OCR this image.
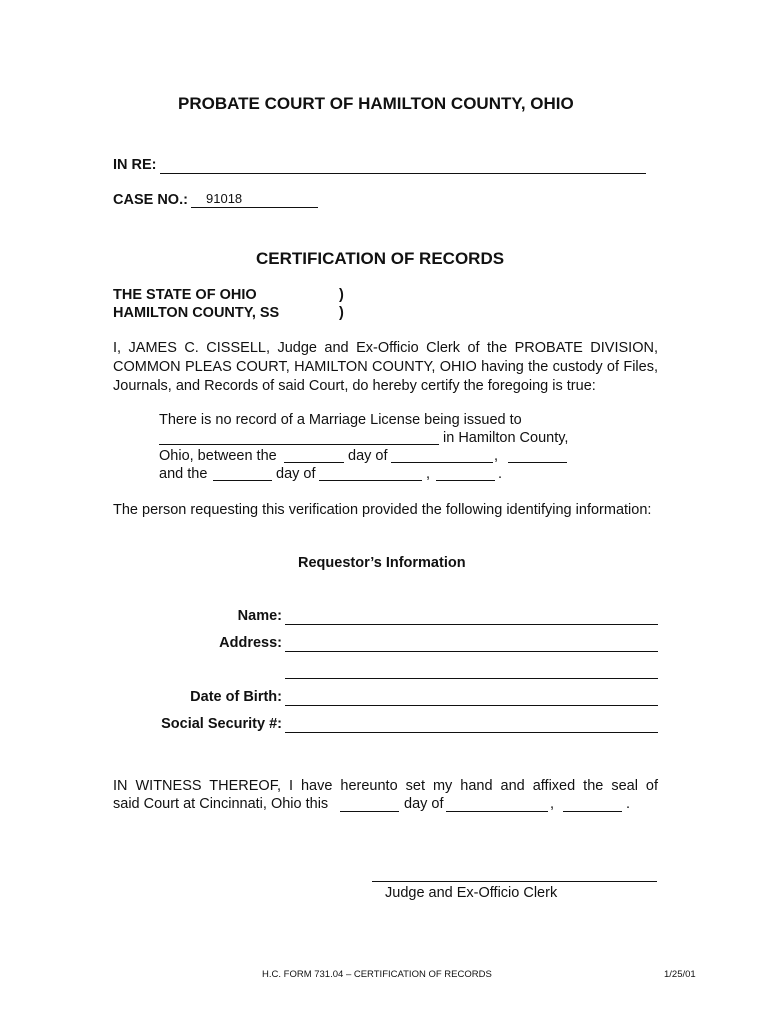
PROBATE COURT OF HAMILTON COUNTY, OHIO
IN RE:
CASE NO.: 91018
CERTIFICATION OF RECORDS
THE STATE OF OHIO	)
HAMILTON COUNTY, SS	)
I, JAMES C. CISSELL, Judge and Ex-Officio Clerk of the PROBATE DIVISION, COMMON PLEAS COURT, HAMILTON COUNTY, OHIO having the custody of Files, Journals, and Records of said Court, do hereby certify the foregoing is true:
There is no record of a Marriage License being issued to
in Hamilton County,
Ohio, between the	day of	,
and the	day of	,	.
The person requesting this verification provided the following identifying information:
Requestor’s Information
Name:
Address:
Date of Birth:
Social Security #:
IN WITNESS THEREOF, I have hereunto set my hand and affixed the seal of
said Court at Cincinnati, Ohio this	day of	,	.
Judge and Ex-Officio Clerk
H.C. FORM 731.04 – CERTIFICATION OF RECORDS	1/25/01
